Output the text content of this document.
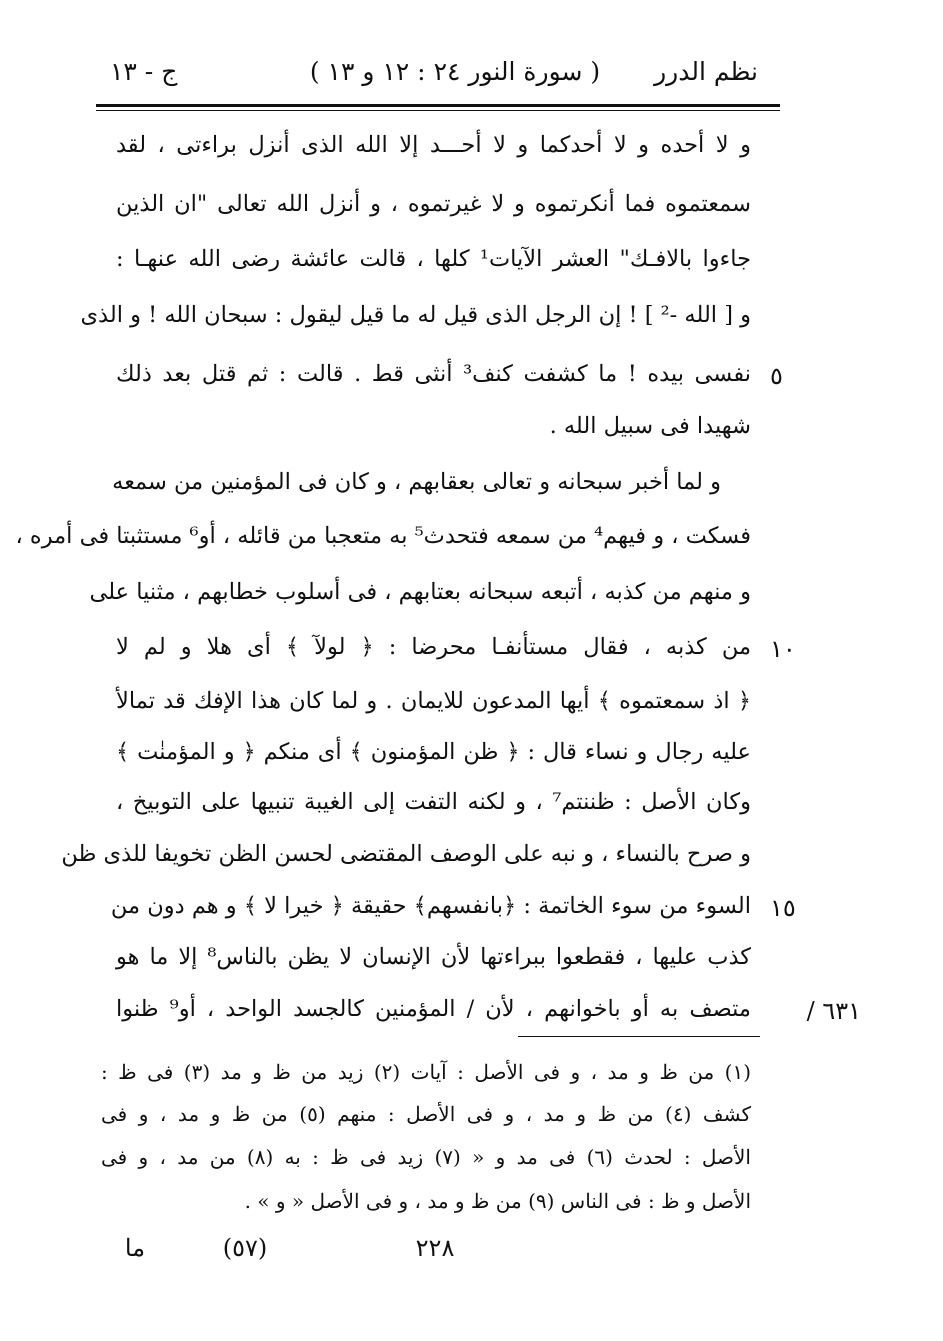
نظم الدرر
( سورة النور ٢٤ : ١٢ و ١٣ )
ج - ١٣
و لا أحده و لا أحدكما و لا أحـــد إلا الله الذى أنزل براءتى ، لقد
سمعتموه فما أنكرتموه و لا غيرتموه ، و أنزل الله تعالى "ان الذين
جاءوا بالافـك" العشر الآيات¹ كلها ، قالت عائشة رضى الله عنهـا :
و [ الله -² ] ! إن الرجل الذى قيل له ما قيل ليقول : سبحان الله ! و الذى
نفسى بيده ! ما كشفت كنف³ أنثى قط . قالت : ثم قتل بعد ذلك ٥
شهيدا فى سبيل الله .
و لما أخبر سبحانه و تعالى بعقابهم ، و كان فى المؤمنين من سمعه
فسكت ، و فيهم⁴ من سمعه فتحدث⁵ به متعجبا من قائله ، أو⁶ مستثبتا فى أمره ،
و منهم من كذبه ، أتبعه سبحانه بعتابهم ، فى أسلوب خطابهم ، مثنيا على
من كذبه ، فقال مستأنفـا محرضا : ﴿ لولآ ﴾ أى هلا و لم لا ١٠
﴿ اذ سمعتموه ﴾ أيها المدعون للايمان . و لما كان هذا الإفك قد تمالأ
عليه رجال و نساء قال : ﴿ ظن المؤمنون ﴾ أى منكم ﴿ و المؤمنٰت ﴾
وكان الأصل : ظننتم⁷ ، و لكنه التفت إلى الغيبة تنبيها على التوبيخ ،
و صرح بالنساء ، و نبه على الوصف المقتضى لحسن الظن تخويفا للذى ظن
السوء من سوء الخاتمة : ﴿بانفسهم﴾ حقيقة ﴿ خيرا لا ﴾ و هم دون من ١٥
كذب عليها ، فقطعوا ببراءتها لأن الإنسان لا يظن بالناس⁸ إلا ما هو
متصف به أو باخوانهم ، لأن / المؤمنين كالجسد الواحد ، أو⁹ ظنوا ٦٣١ /
(١) من ظ و مد ، و فى الأصل : آيات (٢) زيد من ظ و مد (٣) فى ظ :
كشف (٤) من ظ و مد ، و فى الأصل : منهم (٥) من ظ و مد ، و فى
الأصل : لحدث (٦) فى مد و « (٧) زيد فى ظ : به (٨) من مد ، و فى
الأصل و ظ : فى الناس (٩) من ظ و مد ، و فى الأصل « و » .
٢٢٨
(٥٧)
ما
